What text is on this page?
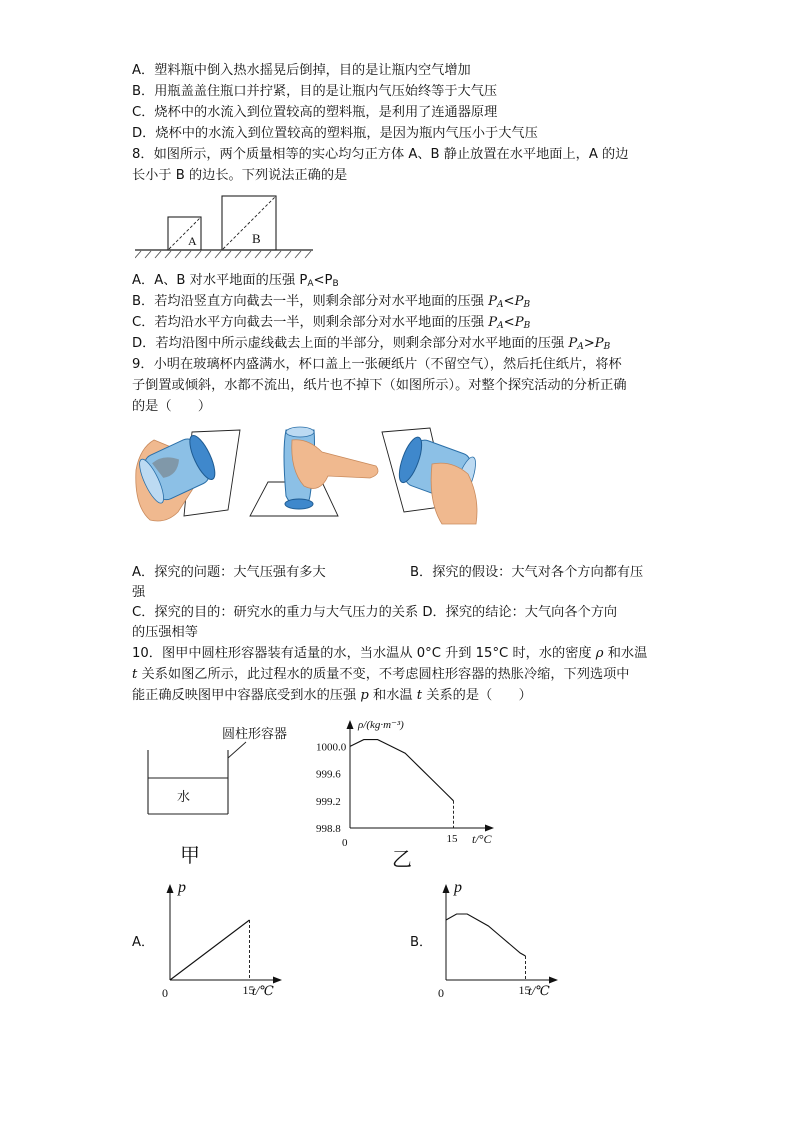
A．塑料瓶中倒入热水摇晃后倒掉，目的是让瓶内空气增加
B．用瓶盖盖住瓶口并拧紧，目的是让瓶内气压始终等于大气压
C．烧杯中的水流入到位置较高的塑料瓶，是利用了连通器原理
D．烧杯中的水流入到位置较高的塑料瓶，是因为瓶内气压小于大气压
8．如图所示，两个质量相等的实心均匀正方体 A、B 静止放置在水平地面上，A 的边
长小于 B 的边长。下列说法正确的是
A	B
A．A、B 对水平地面的压强 $P_A<P_B$
B．若均沿竖直方向截去一半，则剩余部分对水平地面的压强 $P_A<P_B$
C．若均沿水平方向截去一半，则剩余部分对水平地面的压强 $P_A<P_B$
D．若均沿图中所示虚线截去上面的半部分，则剩余部分对水平地面的压强 $P_A>P_B$
9．小明在玻璃杯内盛满水，杯口盖上一张硬纸片（不留空气），然后托住纸片，将杯
子倒置或倾斜，水都不流出，纸片也不掉下（如图所示）。对整个探究活动的分析正确
的是（　　）
A．探究的问题：大气压强有多大	B．探究的假设：大气对各个方向都有压
强
C．探究的目的：研究水的重力与大气压力的关系 D．探究的结论：大气向各个方向
的压强相等
10．图甲中圆柱形容器装有适量的水，当水温从 0°C 升到 15°C 时，水的密度 ρ 和水温
t 关系如图乙所示，此过程水的质量不变，不考虑圆柱形容器的热胀冷缩，下列选项中
能正确反映图甲中容器底受到水的压强 p 和水温 t 关系的是（　　）
圆柱形容器
水
甲	0	15 t/°C
ρ/(kg·m⁻³)
1000.0
999.6
999.2
998.8
乙
A．
0	15
t/℃
p
B．
0	15
t/℃
p
